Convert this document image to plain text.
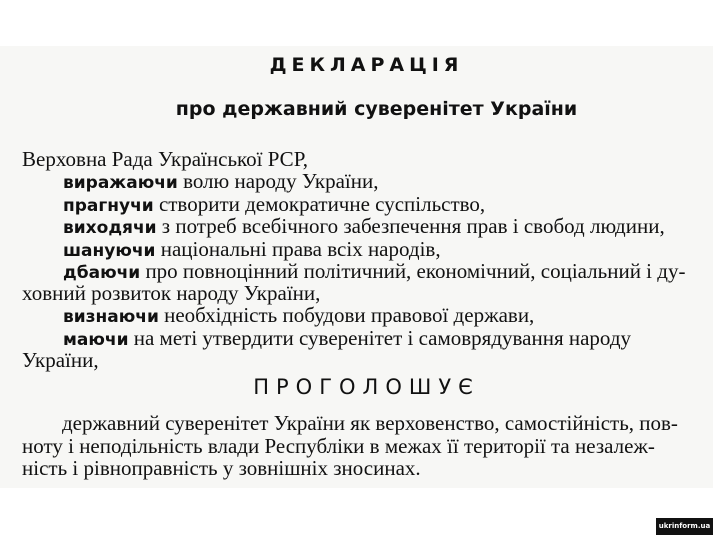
ДЕКЛАРАЦІЯ
про державний суверенітет України
Верховна Рада Української РСР,
виражаючи волю народу України,
прагнучи створити демократичне суспільство,
виходячи з потреб всебічного забезпечення прав і свобод людини,
шануючи національні права всіх народів,
дбаючи про повноцінний політичний, економічний, соціальний і ду-
ховний розвиток народу України,
визнаючи необхідність побудови правової держави,
маючи на меті утвердити суверенітет і самоврядування народу
України,
ПРОГОЛОШУЄ
державний суверенітет України як верховенство, самостійність, пов-
ноту і неподільність влади Республіки в межах її території та незалеж-
ність і рівноправність у зовнішніх зносинах.
ukrinform.ua
